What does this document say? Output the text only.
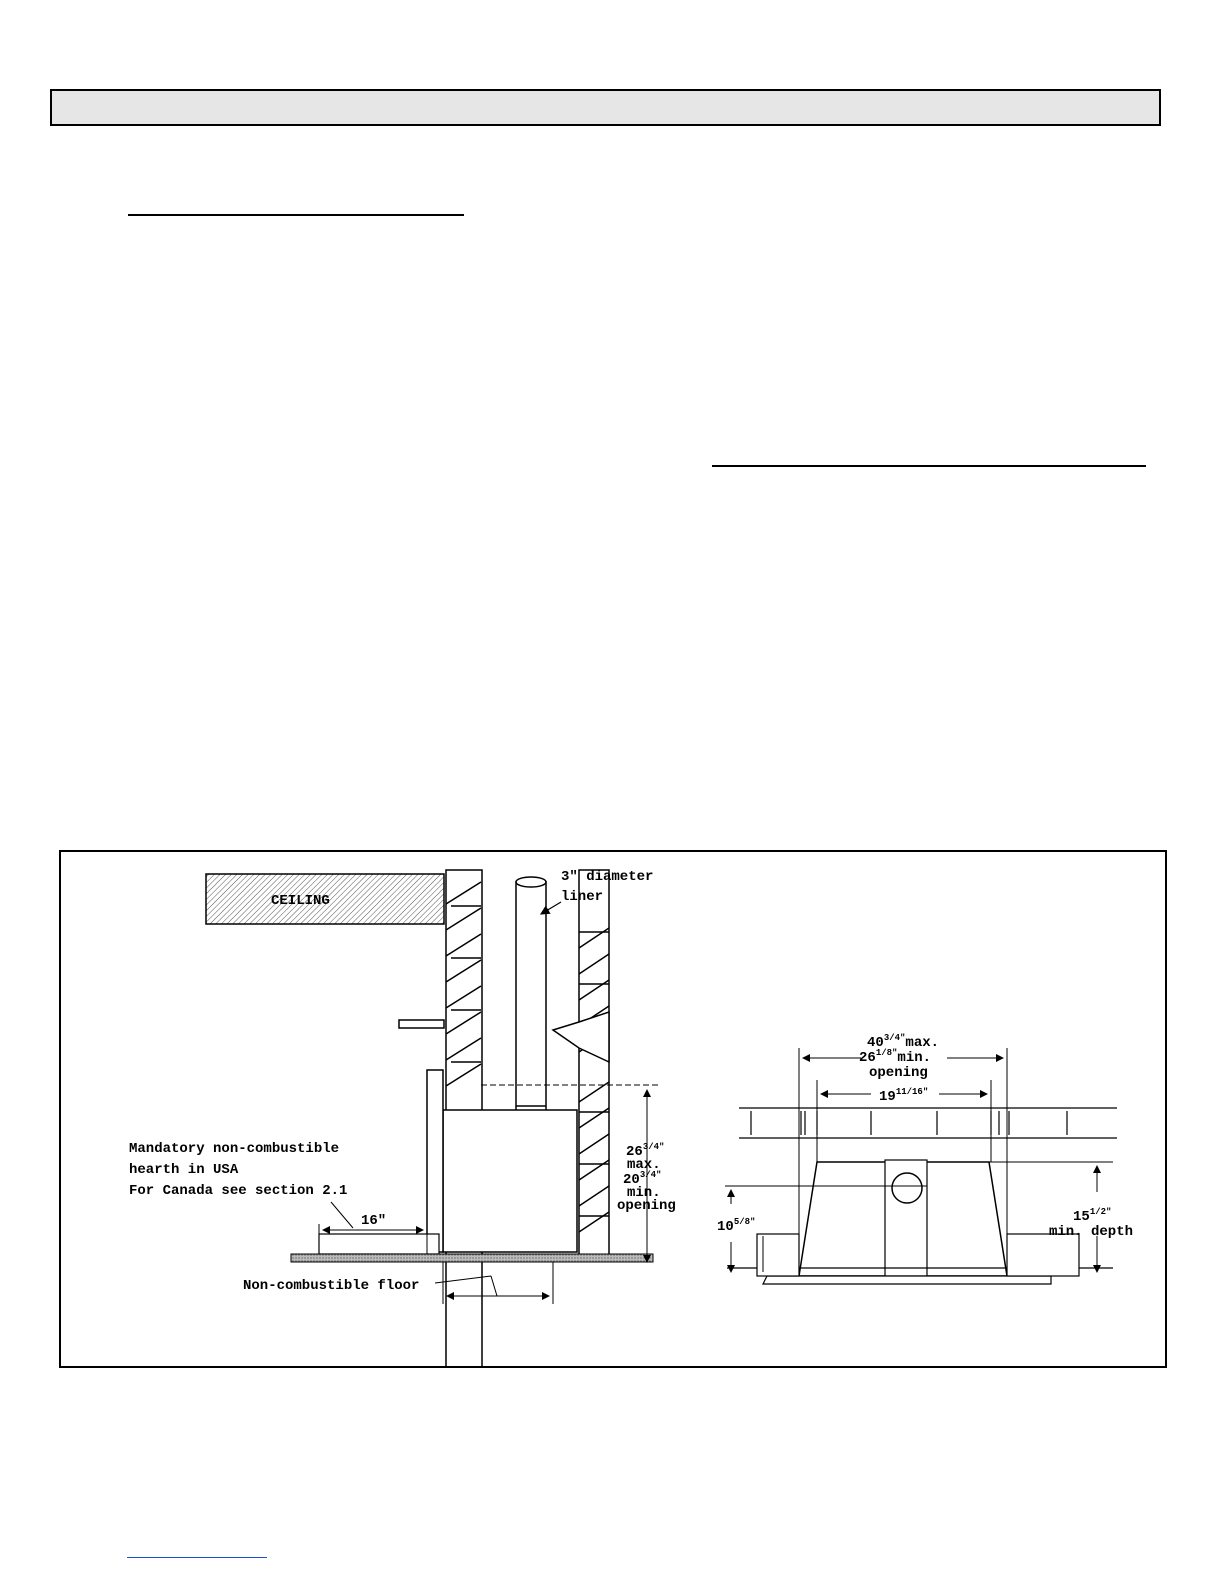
CEILING
3" diameter
liner
16"
Mandatory non-combustible
hearth in USA
For Canada see section 2.1
Non-combustible floor
$26^{3/4"}$
max.
$20^{3/4"}$
min.
opening
$40^{3/4"}\max$.
$26^{1/8"}\min$.
opening
$19^{11/16"}$
$15^{1/2"}$
min. depth
$10^{5/8"}$
